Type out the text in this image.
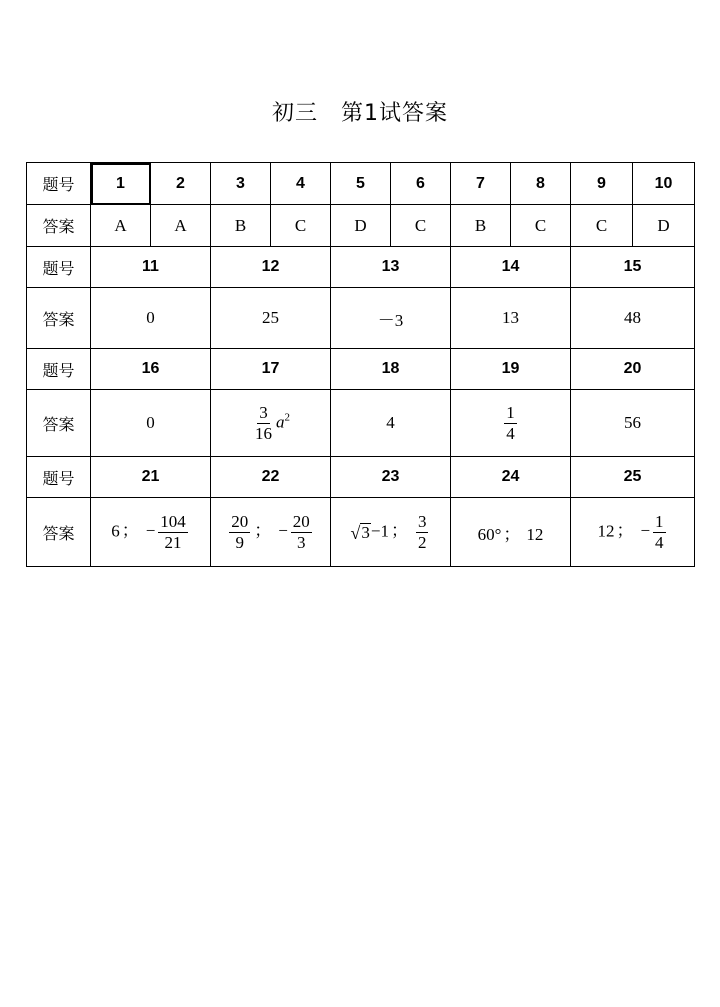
初三　第1试答案
题号	1	2	3	4	5	6	7	8	9	10
答案	A	A	B	C	D	C	B	C	C	D
题号	11		12		13		14		15	
答案	0		25		－3		13		48	
题号	16		17		18		19		20	
答案	0		$\frac{3}{16} a^2$		4		$\frac{1}{4}$		56	
题号	21		22		23		24		25	
答案	6 ； − $\frac{104}{21}$		$\frac{20}{9}$ ； − $\frac{20}{3}$		√ 3 −1 ； $\frac{3}{2}$		60° ； 12		12 ； − $\frac{1}{4}$
